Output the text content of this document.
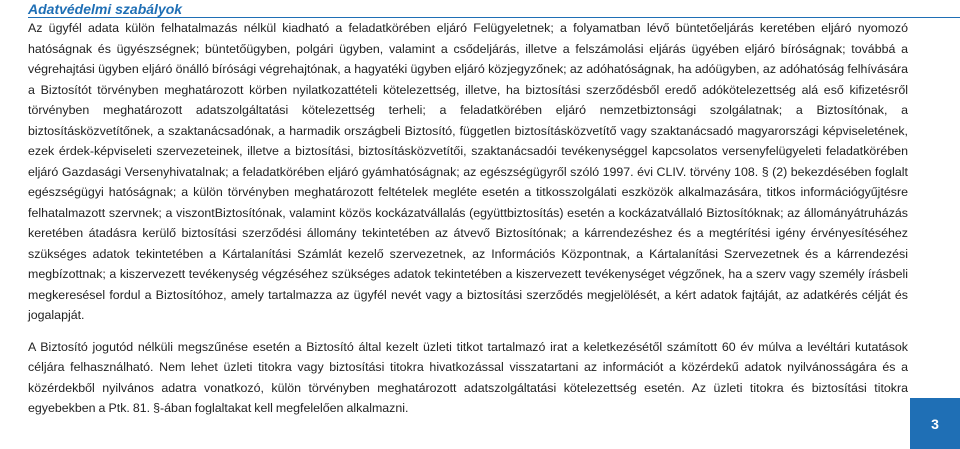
Adatvédelmi szabályok

Az ügyfél adata külön felhatalmazás nélkül kiadható a feladatkörében eljáró Felügyeletnek; a folyamatban lévő büntetőeljárás keretében eljáró nyomozó hatóságnak és ügyészségnek; büntetőügyben, polgári ügyben, valamint a csődeljárás, illetve a felszámolási eljárás ügyében eljáró bíróságnak; továbbá a végrehajtási ügyben eljáró önálló bírósági végrehajtónak, a hagyatéki ügyben eljáró közjegyzőnek; az adóhatóságnak, ha adóügyben, az adóhatóság felhívására a Biztosítót törvényben meghatározott körben nyilatkozattételi kötelezettség, illetve, ha biztosítási szerződésből eredő adókötelezettség alá eső kifizetésről törvényben meghatározott adatszolgáltatási kötelezettség terheli; a feladatkörében eljáró nemzetbiztonsági szolgálatnak; a Biztosítónak, a biztosításközvetítőnek, a szaktanácsadónak, a harmadik országbeli Biztosító, független biztosításközvetítő vagy szaktanácsadó magyarországi képviseletének, ezek érdek-képviseleti szervezeteinek, illetve a biztosítási, biztosításközvetítői, szaktanácsadói tevékenységgel kapcsolatos versenyfelügyeleti feladatkörében eljáró Gazdasági Versenyhivatalnak; a feladatkörében eljáró gyámhatóságnak; az egészségügyről szóló 1997. évi CLIV. törvény 108. § (2) bekezdésében foglalt egészségügyi hatóságnak; a külön törvényben meghatározott feltételek megléte esetén a titkosszolgálati eszközök alkalmazására, titkos információgyűjtésre felhatalmazott szervnek; a viszontBiztosítónak, valamint közös kockázatvállalás (együttbiztosítás) esetén a kockázatvállaló Biztosítóknak; az állományátruházás keretében átadásra kerülő biztosítási szerződési állomány tekintetében az átvevő Biztosítónak; a kárrendezéshez és a megtérítési igény érvényesítéséhez szükséges adatok tekintetében a Kártalanítási Számlát kezelő szervezetnek, az Információs Központnak, a Kártalanítási Szervezetnek és a kárrendezési megbízottnak; a kiszervezett tevékenység végzéséhez szükséges adatok tekintetében a kiszervezett tevékenységet végzőnek, ha a szerv vagy személy írásbeli megkeresésel fordul a Biztosítóhoz, amely tartalmazza az ügyfél nevét vagy a biztosítási szerződés megjelölését, a kért adatok fajtáját, az adatkérés célját és jogalapját.

A Biztosító jogutód nélküli megszűnése esetén a Biztosító által kezelt üzleti titkot tartalmazó irat a keletkezésétől számított 60 év múlva a levéltári kutatások céljára felhasználható. Nem lehet üzleti titokra vagy biztosítási titokra hivatkozással visszatartani az információt a közérdekű adatok nyilvánosságára és a közérdekből nyilvános adatra vonatkozó, külön törvényben meghatározott adatszolgáltatási kötelezettség esetén. Az üzleti titokra és biztosítási titokra egyebekben a Ptk. 81. §-ában foglaltakat kell megfelelően alkalmazni.

3
